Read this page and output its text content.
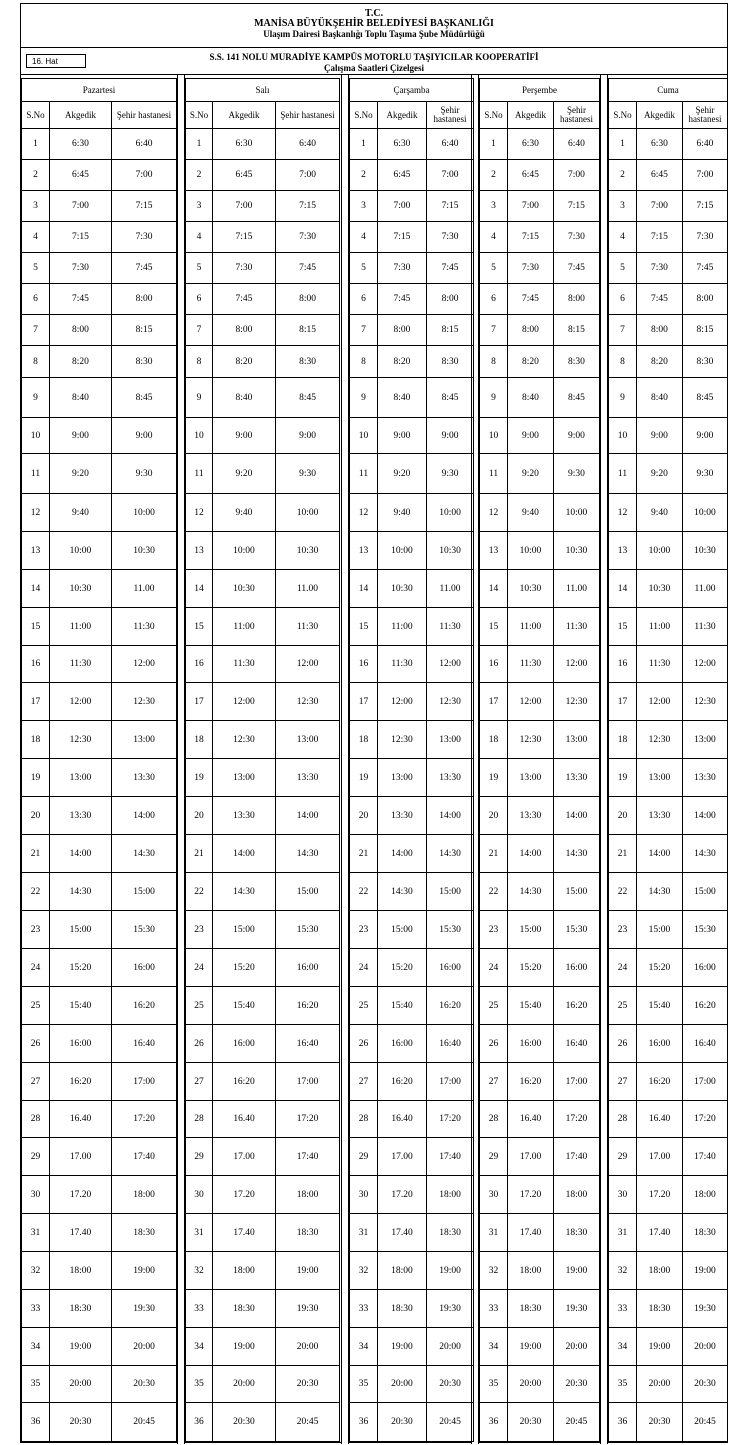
T.C.
MANİSA BÜYÜKŞEHİR BELEDİYESİ BAŞKANLIĞI
Ulaşım Dairesi Başkanlığı Toplu Taşıma Şube Müdürlüğü
16. Hat	S.S. 141 NOLU MURADİYE KAMPÜS MOTORLU TAŞIYICILAR KOOPERATİFİ
Çalışma Saatleri Çizelgesi
Pazartesi		
S.No	Akgedik	Şehir hastanesi
1	6:30	6:40
2	6:45	7:00
3	7:00	7:15
4	7:15	7:30
5	7:30	7:45
6	7:45	8:00
7	8:00	8:15
8	8:20	8:30
9	8:40	8:45
10	9:00	9:00
11	9:20	9:30
12	9:40	10:00
13	10:00	10:30
14	10:30	11.00
15	11:00	11:30
16	11:30	12:00
17	12:00	12:30
18	12:30	13:00
19	13:00	13:30
20	13:30	14:00
21	14:00	14:30
22	14:30	15:00
23	15:00	15:30
24	15:20	16:00
25	15:40	16:20
26	16:00	16:40
27	16:20	17:00
28	16.40	17:20
29	17.00	17:40
30	17.20	18:00
31	17.40	18:30
32	18:00	19:00
33	18:30	19:30
34	19:00	20:00
35	20:00	20:30
36	20:30	20:45
Salı		
S.No	Akgedik	Şehir hastanesi
1	6:30	6:40
2	6:45	7:00
3	7:00	7:15
4	7:15	7:30
5	7:30	7:45
6	7:45	8:00
7	8:00	8:15
8	8:20	8:30
9	8:40	8:45
10	9:00	9:00
11	9:20	9:30
12	9:40	10:00
13	10:00	10:30
14	10:30	11.00
15	11:00	11:30
16	11:30	12:00
17	12:00	12:30
18	12:30	13:00
19	13:00	13:30
20	13:30	14:00
21	14:00	14:30
22	14:30	15:00
23	15:00	15:30
24	15:20	16:00
25	15:40	16:20
26	16:00	16:40
27	16:20	17:00
28	16.40	17:20
29	17.00	17:40
30	17.20	18:00
31	17.40	18:30
32	18:00	19:00
33	18:30	19:30
34	19:00	20:00
35	20:00	20:30
36	20:30	20:45
Çarşamba		
S.No	Akgedik	Şehir hastanesi
1	6:30	6:40
2	6:45	7:00
3	7:00	7:15
4	7:15	7:30
5	7:30	7:45
6	7:45	8:00
7	8:00	8:15
8	8:20	8:30
9	8:40	8:45
10	9:00	9:00
11	9:20	9:30
12	9:40	10:00
13	10:00	10:30
14	10:30	11.00
15	11:00	11:30
16	11:30	12:00
17	12:00	12:30
18	12:30	13:00
19	13:00	13:30
20	13:30	14:00
21	14:00	14:30
22	14:30	15:00
23	15:00	15:30
24	15:20	16:00
25	15:40	16:20
26	16:00	16:40
27	16:20	17:00
28	16.40	17:20
29	17.00	17:40
30	17.20	18:00
31	17.40	18:30
32	18:00	19:00
33	18:30	19:30
34	19:00	20:00
35	20:00	20:30
36	20:30	20:45
Perşembe		
S.No	Akgedik	Şehir hastanesi
1	6:30	6:40
2	6:45	7:00
3	7:00	7:15
4	7:15	7:30
5	7:30	7:45
6	7:45	8:00
7	8:00	8:15
8	8:20	8:30
9	8:40	8:45
10	9:00	9:00
11	9:20	9:30
12	9:40	10:00
13	10:00	10:30
14	10:30	11.00
15	11:00	11:30
16	11:30	12:00
17	12:00	12:30
18	12:30	13:00
19	13:00	13:30
20	13:30	14:00
21	14:00	14:30
22	14:30	15:00
23	15:00	15:30
24	15:20	16:00
25	15:40	16:20
26	16:00	16:40
27	16:20	17:00
28	16.40	17:20
29	17.00	17:40
30	17.20	18:00
31	17.40	18:30
32	18:00	19:00
33	18:30	19:30
34	19:00	20:00
35	20:00	20:30
36	20:30	20:45
Cuma		
S.No	Akgedik	Şehir hastanesi
1	6:30	6:40
2	6:45	7:00
3	7:00	7:15
4	7:15	7:30
5	7:30	7:45
6	7:45	8:00
7	8:00	8:15
8	8:20	8:30
9	8:40	8:45
10	9:00	9:00
11	9:20	9:30
12	9:40	10:00
13	10:00	10:30
14	10:30	11.00
15	11:00	11:30
16	11:30	12:00
17	12:00	12:30
18	12:30	13:00
19	13:00	13:30
20	13:30	14:00
21	14:00	14:30
22	14:30	15:00
23	15:00	15:30
24	15:20	16:00
25	15:40	16:20
26	16:00	16:40
27	16:20	17:00
28	16.40	17:20
29	17.00	17:40
30	17.20	18:00
31	17.40	18:30
32	18:00	19:00
33	18:30	19:30
34	19:00	20:00
35	20:00	20:30
36	20:30	20:45
